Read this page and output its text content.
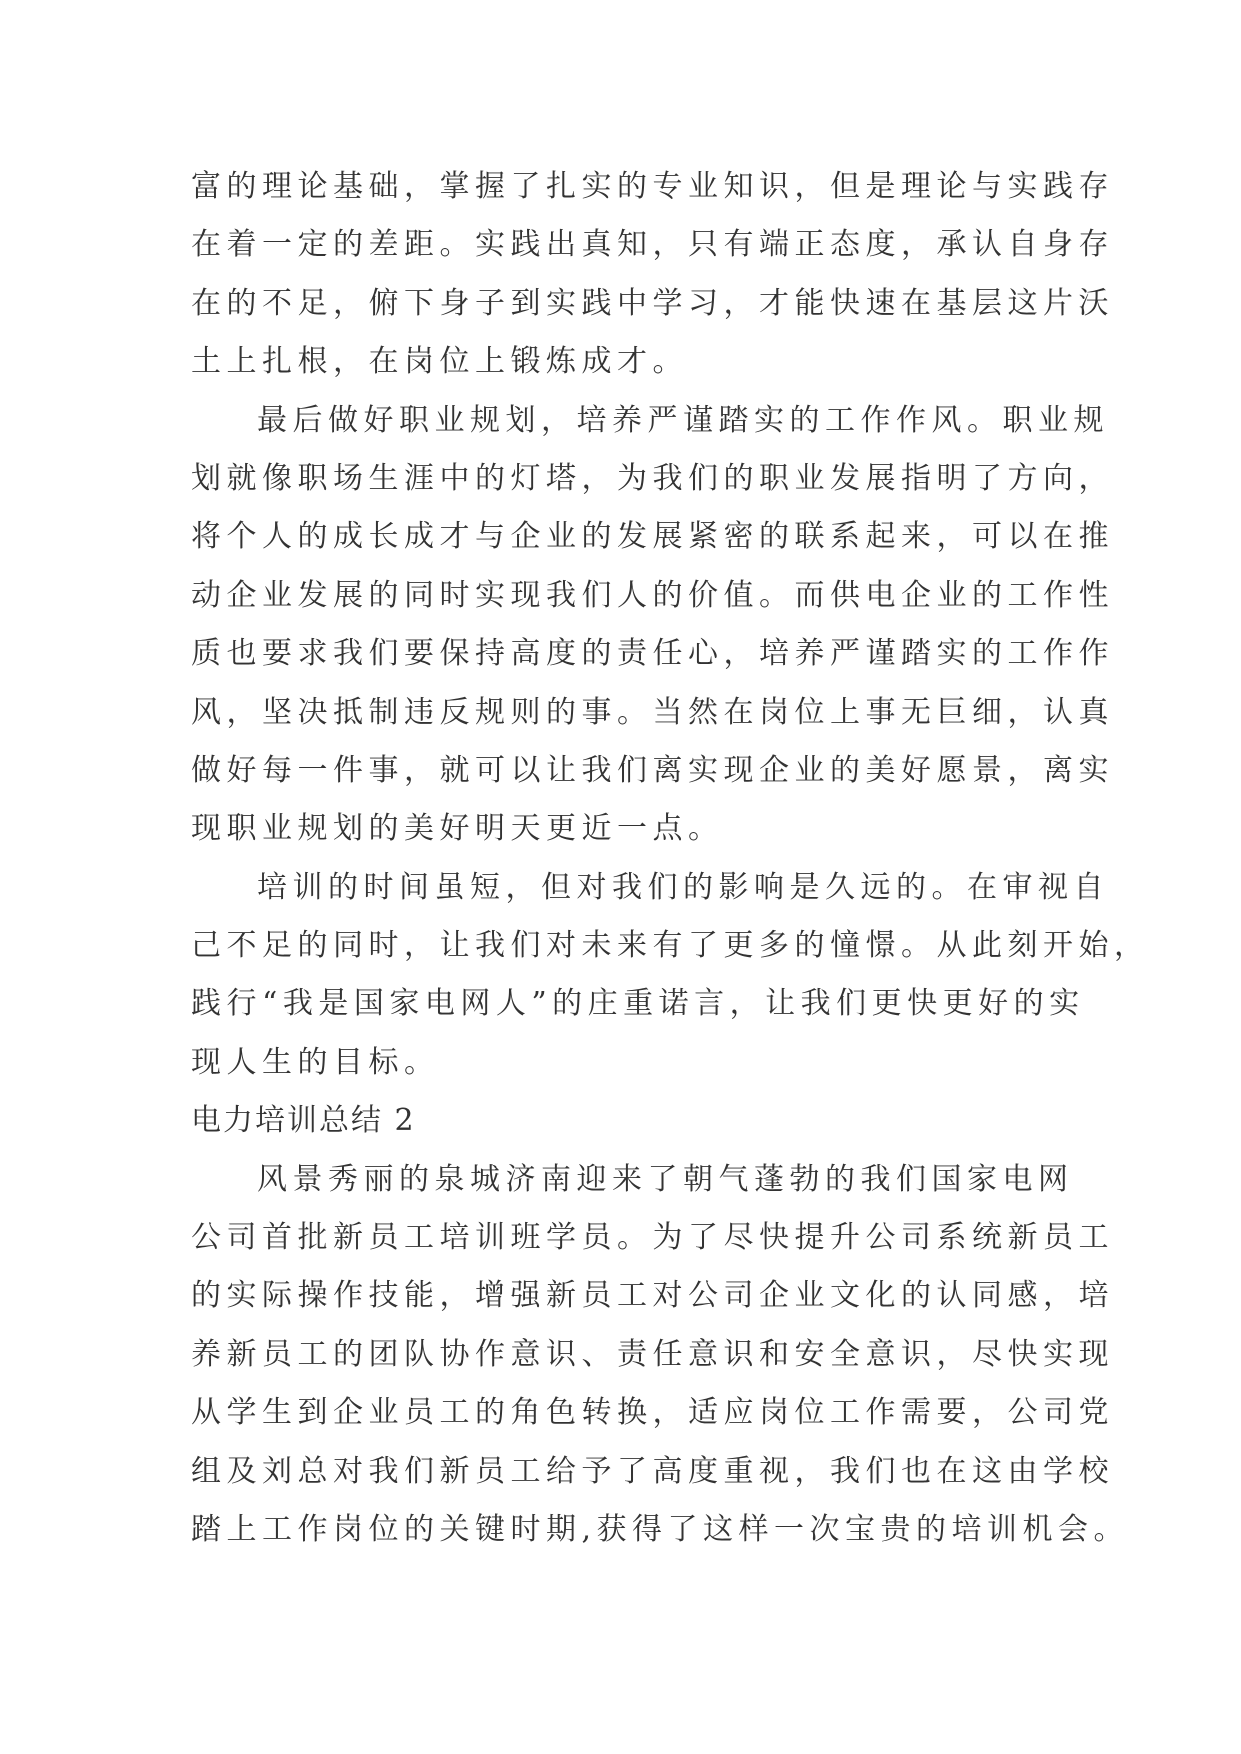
富的理论基础，掌握了扎实的专业知识，但是理论与实践存
在着一定的差距。实践出真知，只有端正态度，承认自身存
在的不足，俯下身子到实践中学习，才能快速在基层这片沃
土上扎根，在岗位上锻炼成才。
最后做好职业规划，培养严谨踏实的工作作风。职业规
划就像职场生涯中的灯塔，为我们的职业发展指明了方向，
将个人的成长成才与企业的发展紧密的联系起来，可以在推
动企业发展的同时实现我们人的价值。而供电企业的工作性
质也要求我们要保持高度的责任心，培养严谨踏实的工作作
风，坚决抵制违反规则的事。当然在岗位上事无巨细，认真
做好每一件事，就可以让我们离实现企业的美好愿景，离实
现职业规划的美好明天更近一点。
培训的时间虽短，但对我们的影响是久远的。在审视自
己不足的同时，让我们对未来有了更多的憧憬。从此刻开始，
践行“我是国家电网人”的庄重诺言，让我们更快更好的实
现人生的目标。
电力培训总结 2
风景秀丽的泉城济南迎来了朝气蓬勃的我们国家电网
公司首批新员工培训班学员。为了尽快提升公司系统新员工
的实际操作技能，增强新员工对公司企业文化的认同感，培
养新员工的团队协作意识、责任意识和安全意识，尽快实现
从学生到企业员工的角色转换，适应岗位工作需要，公司党
组及刘总对我们新员工给予了高度重视，我们也在这由学校
踏上工作岗位的关键时期,获得了这样一次宝贵的培训机会。
